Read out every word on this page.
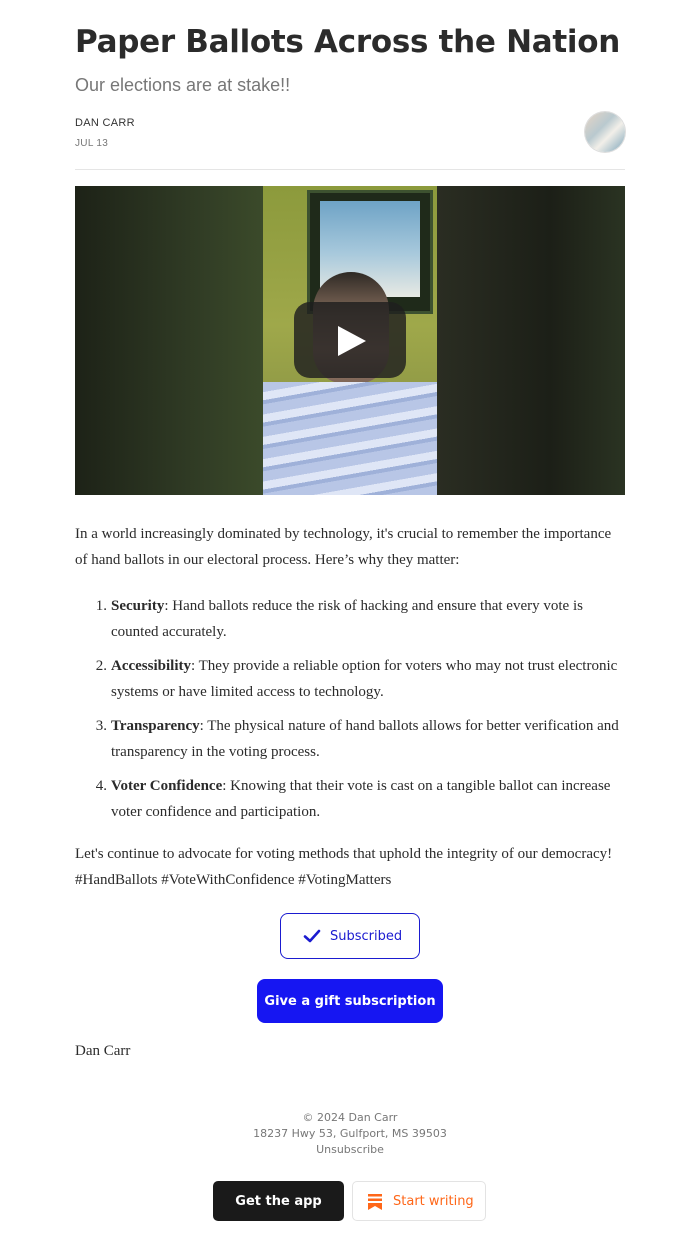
Paper Ballots Across the Nation
Our elections are at stake!!
DAN CARR
JUL 13

In a world increasingly dominated by technology, it's crucial to remember the importance of hand ballots in our electoral process. Here’s why they matter:

1. Security: Hand ballots reduce the risk of hacking and ensure that every vote is counted accurately.
2. Accessibility: They provide a reliable option for voters who may not trust electronic systems or have limited access to technology.
3. Transparency: The physical nature of hand ballots allows for better verification and transparency in the voting process.
4. Voter Confidence: Knowing that their vote is cast on a tangible ballot can increase voter confidence and participation.

Let's continue to advocate for voting methods that uphold the integrity of our democracy! #HandBallots #VoteWithConfidence #VotingMatters

Subscribed
Give a gift subscription
Dan Carr
© 2024 Dan Carr
18237 Hwy 53, Gulfport, MS 39503
Unsubscribe
Get the app	Start writing
